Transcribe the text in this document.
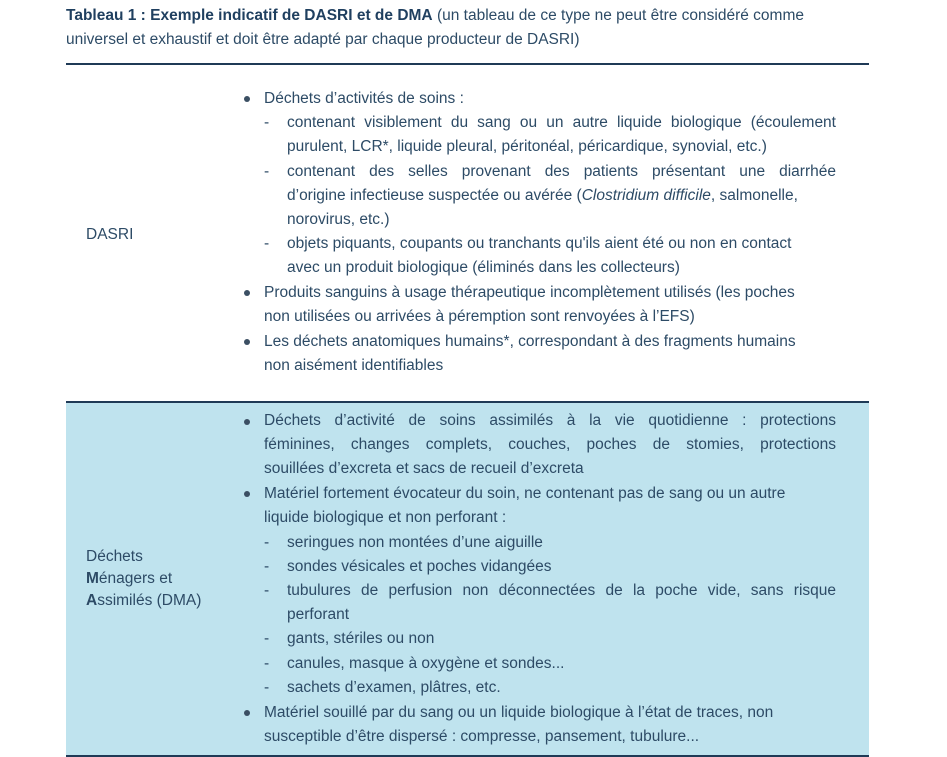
Tableau 1 : Exemple indicatif de DASRI et de DMA (un tableau de ce type ne peut être considéré comme
universel et exhaustif et doit être adapté par chaque producteur de DASRI)
DASRI
Déchets d’activités de soins :
- contenant visiblement du sang ou un autre liquide biologique (écoulement
purulent, LCR*, liquide pleural, péritonéal, péricardique, synovial, etc.)
- contenant des selles provenant des patients présentant une diarrhée
d’origine infectieuse suspectée ou avérée (Clostridium difficile, salmonelle,
norovirus, etc.)
- objets piquants, coupants ou tranchants qu'ils aient été ou non en contact
avec un produit biologique (éliminés dans les collecteurs)
Produits sanguins à usage thérapeutique incomplètement utilisés (les poches
non utilisées ou arrivées à péremption sont renvoyées à l’EFS)
Les déchets anatomiques humains*, correspondant à des fragments humains
non aisément identifiables
Déchets
Ménagers et
Assimilés (DMA)
Déchets d’activité de soins assimilés à la vie quotidienne : protections
féminines, changes complets, couches, poches de stomies, protections
souillées d’excreta et sacs de recueil d’excreta
Matériel fortement évocateur du soin, ne contenant pas de sang ou un autre
liquide biologique et non perforant :
- seringues non montées d’une aiguille
- sondes vésicales et poches vidangées
- tubulures de perfusion non déconnectées de la poche vide, sans risque
perforant
- gants, stériles ou non
- canules, masque à oxygène et sondes...
- sachets d’examen, plâtres, etc.
Matériel souillé par du sang ou un liquide biologique à l’état de traces, non
susceptible d’être dispersé : compresse, pansement, tubulure...
